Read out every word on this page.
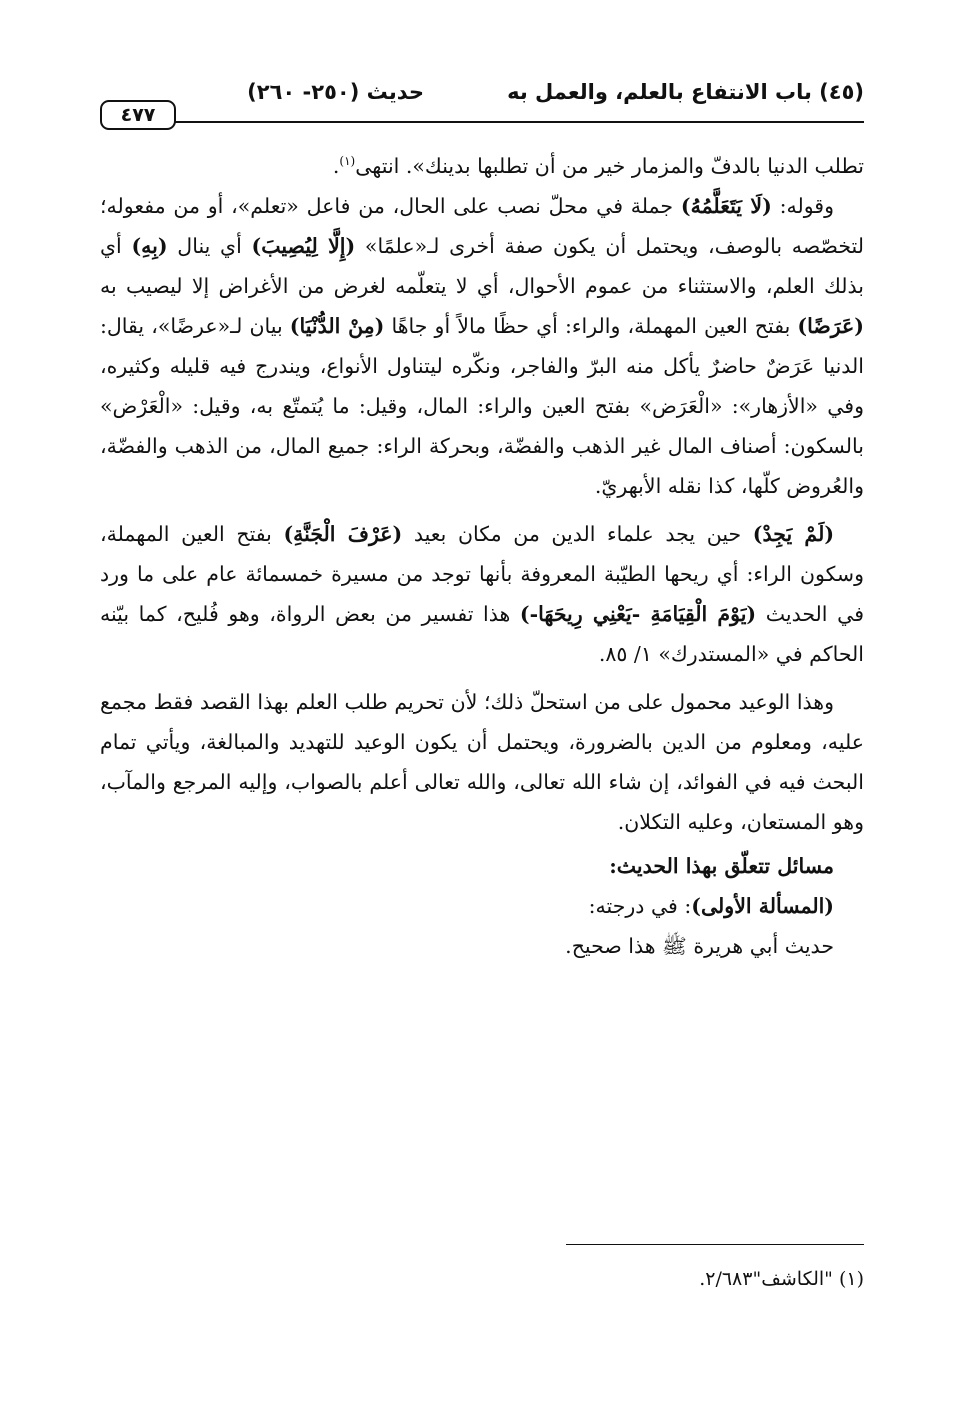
(٤٥) باب الانتفاع بالعلم، والعمل به
حديث (٢٥٠- ٢٦٠)
٤٧٧

تطلب الدنيا بالدفّ والمزمار خير من أن تطلبها بدينك». انتهى$^{(١)}$.

وقوله: (لَا يَتَعَلَّمُهُ) جملة في محلّ نصب على الحال، من فاعل «تعلم»، أو من مفعوله؛ لتخصّصه بالوصف، ويحتمل أن يكون صفة أخرى لـ«علمًا» (إِلَّا لِيُصِيبَ) أي ينال (بِهِ) أي بذلك العلم، والاستثناء من عموم الأحوال، أي لا يتعلّمه لغرض من الأغراض إلا ليصيب به (عَرَضًا) بفتح العين المهملة، والراء: أي حظًا مالاً أو جاهًا (مِنْ الدُّنْيَا) بيان لـ«عرضًا»، يقال: الدنيا عَرَضٌ حاضرٌ يأكل منه البرّ والفاجر، ونكّره ليتناول الأنواع، ويندرج فيه قليله وكثيره، وفي «الأزهار»: «الْعَرَض» بفتح العين والراء: المال، وقيل: ما يُتمتّع به، وقيل: «الْعَرْض» بالسكون: أصناف المال غير الذهب والفضّة، وبحركة الراء: جميع المال، من الذهب والفضّة، والعُروض كلّها، كذا نقله الأبهريّ.

(لَمْ يَجِدْ) حين يجد علماء الدين من مكان بعيد (عَرْفَ الْجَنَّةِ) بفتح العين المهملة، وسكون الراء: أي ريحها الطيّبة المعروفة بأنها توجد من مسيرة خمسمائة عام على ما ورد في الحديث (يَوْمَ الْقِيَامَةِ -يَعْنِي رِيحَهَا-) هذا تفسير من بعض الرواة، وهو فُليح، كما بيّنه الحاكم في «المستدرك» ١/ ٨٥.

وهذا الوعيد محمول على من استحلّ ذلك؛ لأن تحريم طلب العلم بهذا القصد فقط مجمع عليه، ومعلوم من الدين بالضرورة، ويحتمل أن يكون الوعيد للتهديد والمبالغة، ويأتي تمام البحث فيه في الفوائد، إن شاء الله تعالى، والله تعالى أعلم بالصواب، وإليه المرجع والمآب، وهو المستعان، وعليه التكلان.

مسائل تتعلّق بهذا الحديث:

(المسألة الأولى): في درجته:

حديث أبي هريرة ﷺ هذا صحيح.

(١) "الكاشف"٢/٦٨٣.
